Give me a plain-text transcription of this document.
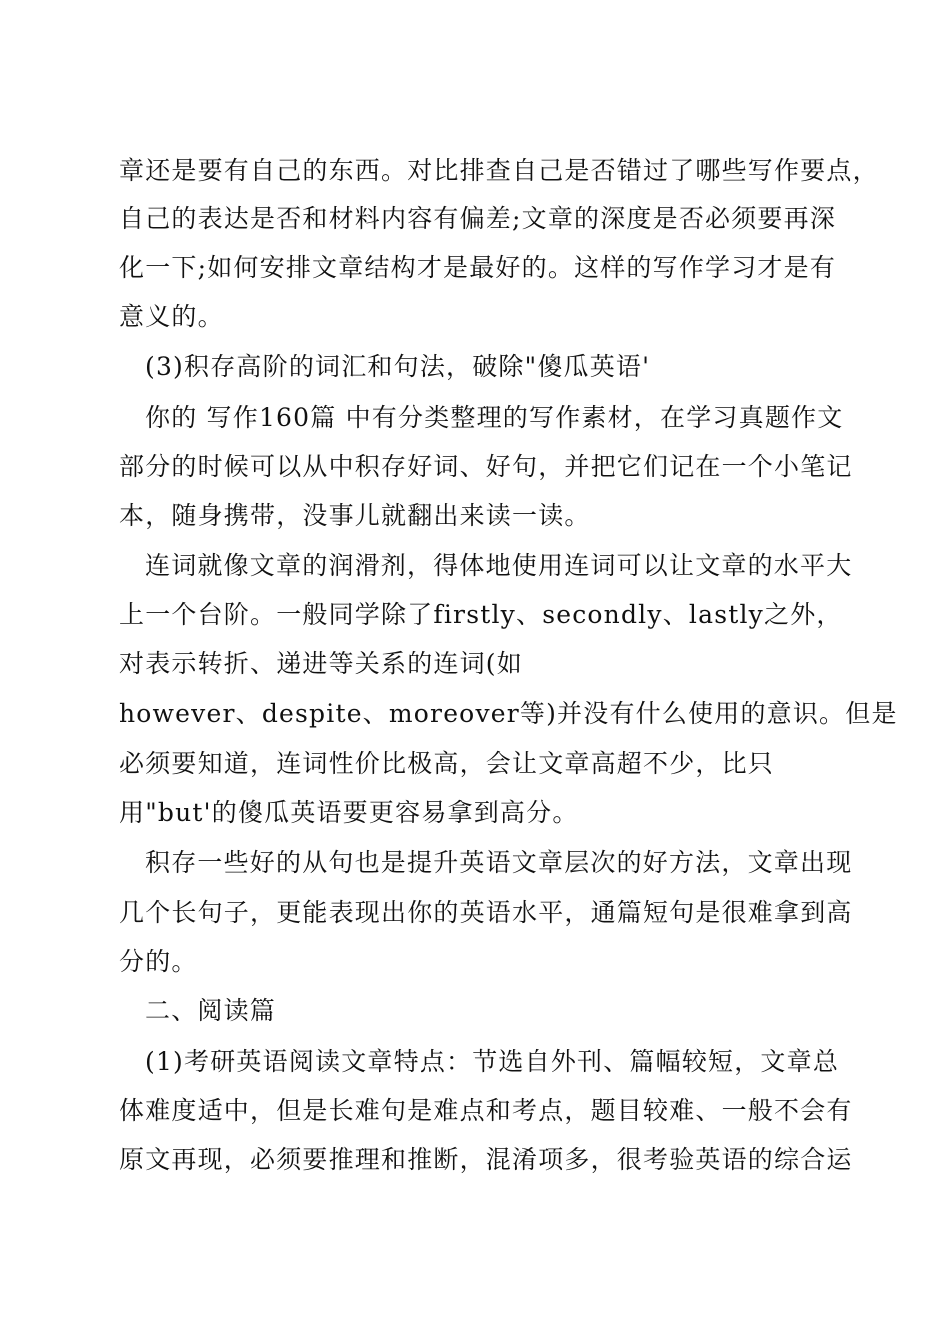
章还是要有自己的东西。对比排查自己是否错过了哪些写作要点，
自己的表达是否和材料内容有偏差;文章的深度是否必须要再深
化一下;如何安排文章结构才是最好的。这样的写作学习才是有
意义的。
(3)积存高阶的词汇和句法，破除"傻瓜英语'
你的 写作160篇 中有分类整理的写作素材，在学习真题作文
部分的时候可以从中积存好词、好句，并把它们记在一个小笔记
本，随身携带，没事儿就翻出来读一读。
连词就像文章的润滑剂，得体地使用连词可以让文章的水平大
上一个台阶。一般同学除了firstly、secondly、lastly之外，
对表示转折、递进等关系的连词(如
however、despite、moreover等)并没有什么使用的意识。但是
必须要知道，连词性价比极高，会让文章高超不少，比只
用"but'的傻瓜英语要更容易拿到高分。
积存一些好的从句也是提升英语文章层次的好方法，文章出现
几个长句子，更能表现出你的英语水平，通篇短句是很难拿到高
分的。
二、阅读篇
(1)考研英语阅读文章特点：节选自外刊、篇幅较短，文章总
体难度适中，但是长难句是难点和考点，题目较难、一般不会有
原文再现，必须要推理和推断，混淆项多，很考验英语的综合运
